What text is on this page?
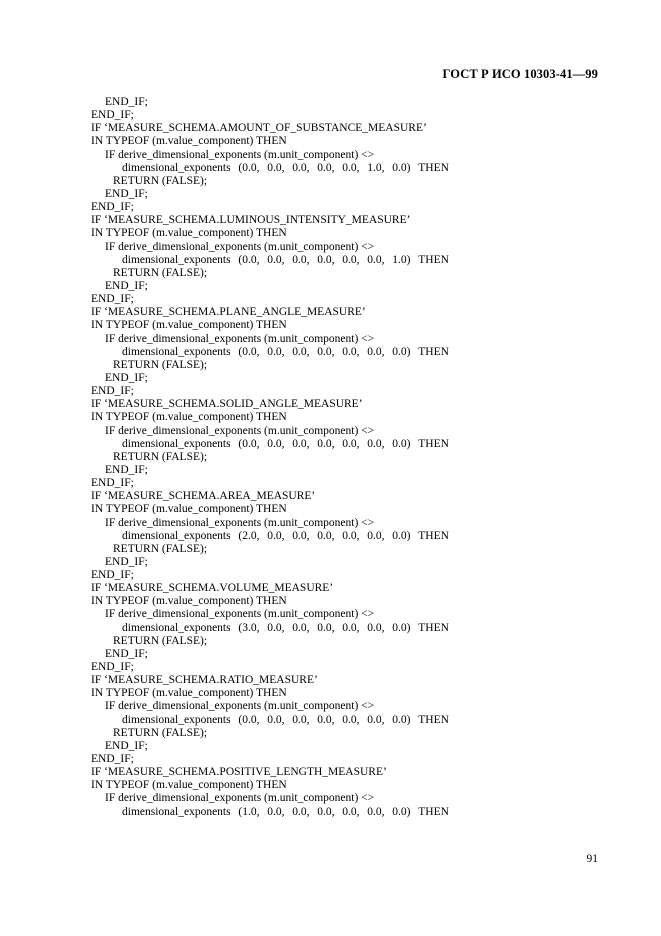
ГОСТ Р ИСО 10303-41—99
END_IF;
END_IF;
IF ‘MEASURE_SCHEMA.AMOUNT_OF_SUBSTANCE_MEASURE’
IN TYPEOF (m.value_component) THEN
IF derive_dimensional_exponents (m.unit_component) <>
dimensional_exponents (0.0, 0.0, 0.0, 0.0, 0.0, 1.0, 0.0) THEN
RETURN (FALSE);
END_IF;
END_IF;
IF ‘MEASURE_SCHEMA.LUMINOUS_INTENSITY_MEASURE’
IN TYPEOF (m.value_component) THEN
IF derive_dimensional_exponents (m.unit_component) <>
dimensional_exponents (0.0, 0.0, 0.0, 0.0, 0.0, 0.0, 1.0) THEN
RETURN (FALSE);
END_IF;
END_IF;
IF ‘MEASURE_SCHEMA.PLANE_ANGLE_MEASURE’
IN TYPEOF (m.value_component) THEN
IF derive_dimensional_exponents (m.unit_component) <>
dimensional_exponents (0.0, 0.0, 0.0, 0.0, 0.0, 0.0, 0.0) THEN
RETURN (FALSE);
END_IF;
END_IF;
IF ‘MEASURE_SCHEMA.SOLID_ANGLE_MEASURE’
IN TYPEOF (m.value_component) THEN
IF derive_dimensional_exponents (m.unit_component) <>
dimensional_exponents (0.0, 0.0, 0.0, 0.0, 0.0, 0.0, 0.0) THEN
RETURN (FALSE);
END_IF;
END_IF;
IF ‘MEASURE_SCHEMA.AREA_MEASURE’
IN TYPEOF (m.value_component) THEN
IF derive_dimensional_exponents (m.unit_component) <>
dimensional_exponents (2.0, 0.0, 0.0, 0.0, 0.0, 0.0, 0.0) THEN
RETURN (FALSE);
END_IF;
END_IF;
IF ‘MEASURE_SCHEMA.VOLUME_MEASURE’
IN TYPEOF (m.value_component) THEN
IF derive_dimensional_exponents (m.unit_component) <>
dimensional_exponents (3.0, 0.0, 0.0, 0.0, 0.0, 0.0, 0.0) THEN
RETURN (FALSE);
END_IF;
END_IF;
IF ‘MEASURE_SCHEMA.RATIO_MEASURE’
IN TYPEOF (m.value_component) THEN
IF derive_dimensional_exponents (m.unit_component) <>
dimensional_exponents (0.0, 0.0, 0.0, 0.0, 0.0, 0.0, 0.0) THEN
RETURN (FALSE);
END_IF;
END_IF;
IF ‘MEASURE_SCHEMA.POSITIVE_LENGTH_MEASURE’
IN TYPEOF (m.value_component) THEN
IF derive_dimensional_exponents (m.unit_component) <>
dimensional_exponents (1.0, 0.0, 0.0, 0.0, 0.0, 0.0, 0.0) THEN
91
